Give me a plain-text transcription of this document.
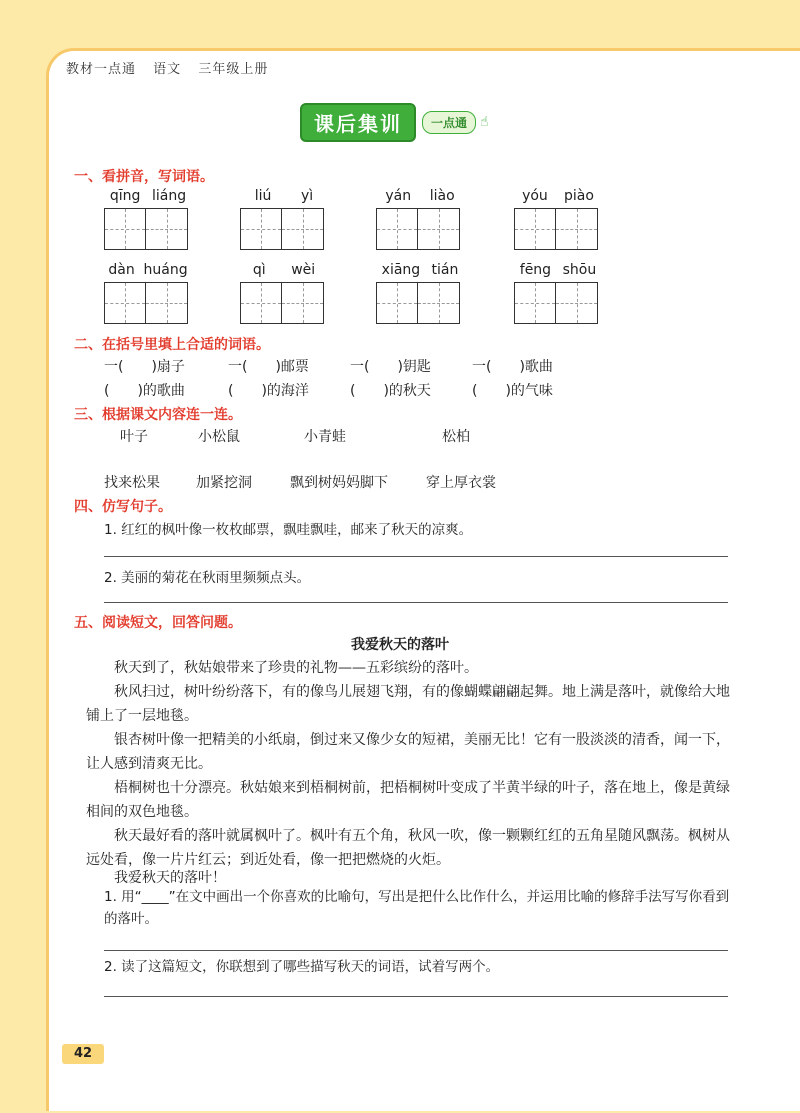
教材一点通 语文 三年级上册
课后集训	一点通 ☝
一、看拼音，写词语。
qīng liáng	liú yì	yán liào	yóu piào
dàn huáng	qì wèi	xiāng tián	fēng shōu
二、在括号里填上合适的词语。
一(　　)扇子	一(　　)邮票	一(　　)钥匙	一(　　)歌曲
(　　)的歌曲	(　　)的海洋	(　　)的秋天	(　　)的气味
三、根据课文内容连一连。
叶子	小松鼠	小青蛙	松柏
找来松果	加紧挖洞	飘到树妈妈脚下	穿上厚衣裳
四、仿写句子。
1. 红红的枫叶像一枚枚邮票，飘哇飘哇，邮来了秋天的凉爽。
2. 美丽的菊花在秋雨里频频点头。
五、阅读短文，回答问题。
我爱秋天的落叶

秋天到了，秋姑娘带来了珍贵的礼物——五彩缤纷的落叶。

秋风扫过，树叶纷纷落下，有的像鸟儿展翅飞翔，有的像蝴蝶翩翩起舞。地上满是落叶，就像给大地铺上了一层地毯。

银杏树叶像一把精美的小纸扇，倒过来又像少女的短裙，美丽无比！它有一股淡淡的清香，闻一下，让人感到清爽无比。

梧桐树也十分漂亮。秋姑娘来到梧桐树前，把梧桐树叶变成了半黄半绿的叶子，落在地上，像是黄绿相间的双色地毯。

秋天最好看的落叶就属枫叶了。枫叶有五个角，秋风一吹，像一颗颗红红的五角星随风飘荡。枫树从远处看，像一片片红云；到近处看，像一把把燃烧的火炬。

我爱秋天的落叶！

1. 用“____”在文中画出一个你喜欢的比喻句，写出是把什么比作什么，并运用比喻的修辞手法写写你看到的落叶。

2. 读了这篇短文，你联想到了哪些描写秋天的词语，试着写两个。

42
